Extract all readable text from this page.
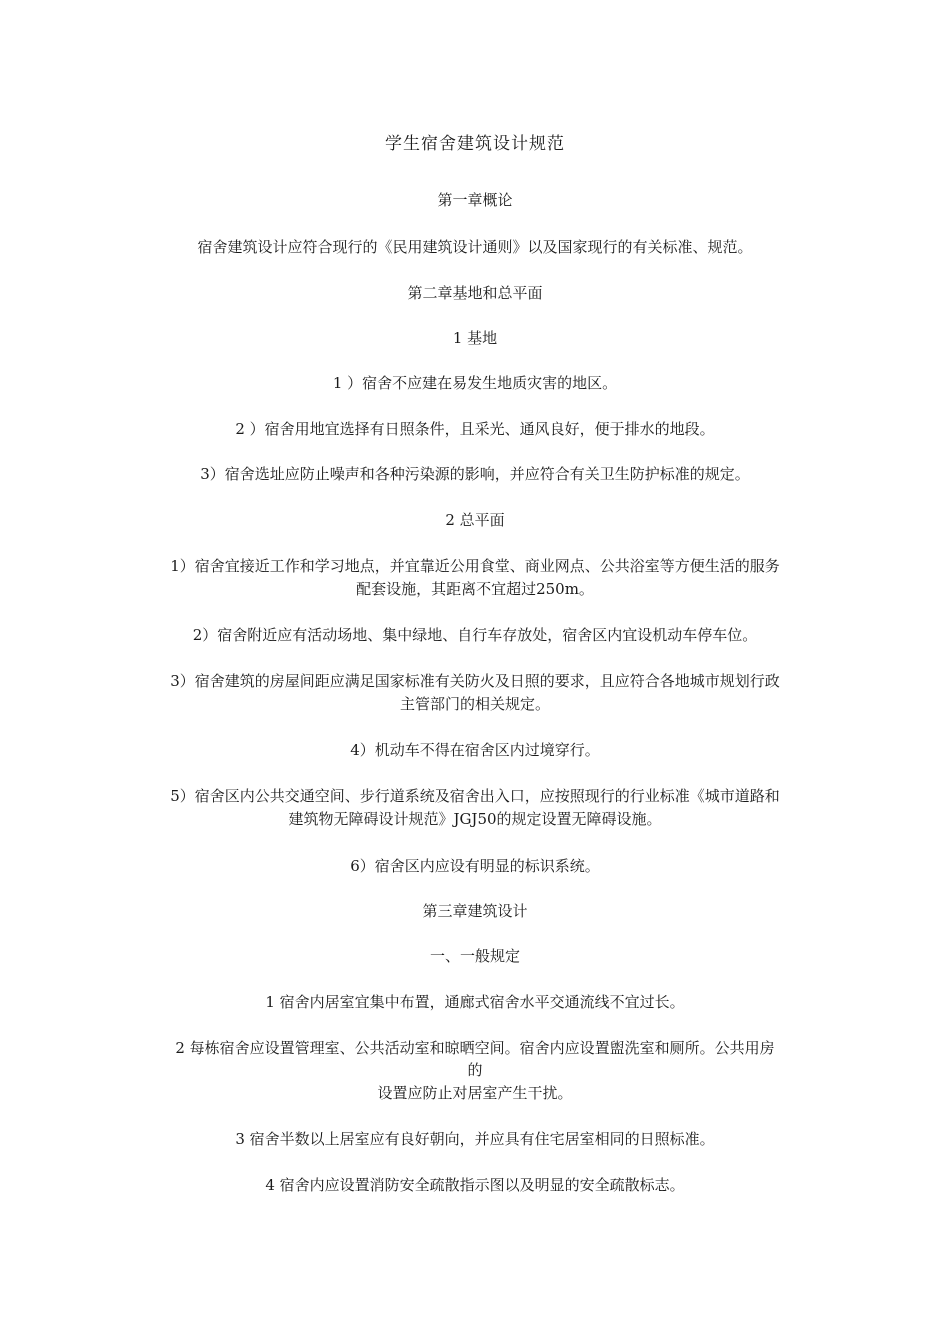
学生宿舍建筑设计规范
第一章概论
宿舍建筑设计应符合现行的《民用建筑设计通则》以及国家现行的有关标准、规范。
第二章基地和总平面
1 基地
1 ）宿舍不应建在易发生地质灾害的地区。
2 ）宿舍用地宜选择有日照条件，且采光、通风良好，便于排水的地段。
3）宿舍选址应防止噪声和各种污染源的影响，并应符合有关卫生防护标准的规定。
2 总平面
1）宿舍宜接近工作和学习地点，并宜靠近公用食堂、商业网点、公共浴室等方便生活的服务
配套设施，其距离不宜超过250m。
2）宿舍附近应有活动场地、集中绿地、自行车存放处，宿舍区内宜设机动车停车位。
3）宿舍建筑的房屋间距应满足国家标准有关防火及日照的要求，且应符合各地城市规划行政
主管部门的相关规定。
4）机动车不得在宿舍区内过境穿行。
5）宿舍区内公共交通空间、步行道系统及宿舍出入口，应按照现行的行业标准《城市道路和
建筑物无障碍设计规范》JGJ50的规定设置无障碍设施。
6）宿舍区内应设有明显的标识系统。
第三章建筑设计
一、一般规定
1 宿舍内居室宜集中布置，通廊式宿舍水平交通流线不宜过长。
2 每栋宿舍应设置管理室、公共活动室和晾晒空间。宿舍内应设置盥洗室和厕所。公共用房
的
设置应防止对居室产生干扰。
3 宿舍半数以上居室应有良好朝向，并应具有住宅居室相同的日照标准。
4 宿舍内应设置消防安全疏散指示图以及明显的安全疏散标志。
